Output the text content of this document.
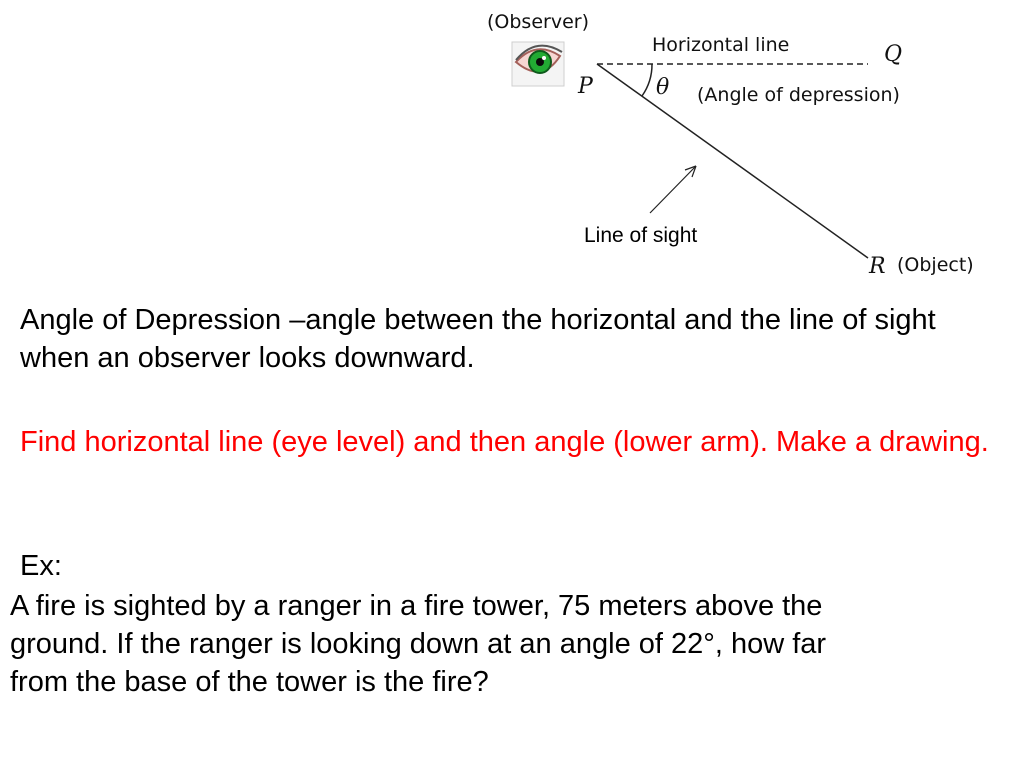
(Observer)
Horizontal line	Q
P	θ (Angle of depression)
Line of sight
R (Object)

Angle of Depression –angle between the horizontal and the line of sight when an observer looks downward.

Find horizontal line (eye level) and then angle (lower arm). Make a drawing.

Ex:

A fire is sighted by a ranger in a fire tower, 75 meters above the ground. If the ranger is looking down at an angle of 22°, how far from the base of the tower is the fire?
